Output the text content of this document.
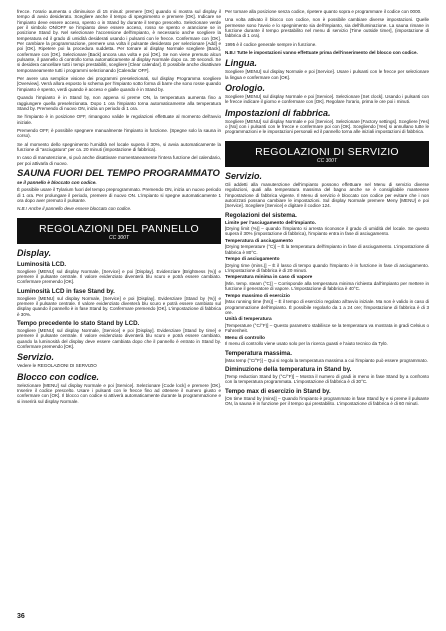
frecce. I'orario aumenta o diminuisce di 15 minuti: premere [OK] quando si mostra sul display il tempo di avvio desiderato. Scegliere anche il tempo di spegnimento e premere [OK]. Indicare se l'impianto deve essere acceso, spento o in Stand by durante il tempo prescelto. Selezionare verde per il simbolo ON/OFF se l'impianto deve essere acceso, rosso se spento e arancione se in posizione Stand by. Nel selezionare l'accensione dell'impianto, è necessario anche scegliere la temperatura ed il grado di umidità desiderati usando i pulsanti con le frecce. Confermare con [OK]. Per cambiare la programmazione, premere una volta il pulsante desiderato per selezionare [Add] e poi [OK]. Ripetere poi la procedura suddetta. Per tornare al display Normale scegliere [Back], confermare con [OK]. Selezionare [Back] ancora una volta e poi [OK]. Se non viene premuto alcun pulsante, il pannello di controllo torna automaticamente al display Normale dopo ca. 30 secondi. Se si desidera cancellare tutti i tempi prestabiliti, scegliere [Clear calendar]. È possibile anche disattivare temporaneamente tutti i programmi selezionando [Calendar OFF].

Per avere una semplice visione dei programmi preselezionati, sul display Programma scegliere [Overview]. Verrà allora esposto lo schema per l'impianto sotto forma di barre che sono rosse quando l'impianto è spento, verdi quando è acceso e gialle quando è in Stand by.

Quando l'impianto è in Stand by, non appena si preme ON, la temperatura aumenta fino a raggiungere quella preselezionata. Dopo 1 ora l'impianto torna automaticamente alla temperatura Stand by. Premendo di nuovo ON, inizia un periodo di 1 ora.

Se l'impianto è in posizione OFF, rimangono valide le regolazioni effettuate al momento dell'avvio iniziale.

Premendo OFF, è possibile spegnere manualmente l'impianto in funzione. (Spegne solo la sauna in corso).

Se al momento dello spegnimento l'umidità nel locale supera il 30%, si avvia automaticamente la funzione di "asciugatura" per ca. 20 minuti (impostazione di fabbrica).

In caso di manutenzione, si può anche disattivare momentaneamente l'intera funzione del calendario, per poi attivarla di nuovo.

SAUNA FUORI DEL TEMPO PROGRAMMATO
se il pannello è bloccato con codice.

È possibile usare il Tylarium fuori del tempo preprogrammato. Premendo ON, inizia un nuovo periodo di 1 ora. Per prolungare il periodo, premere di nuovo ON. L'impianto si spegne automaticamente 1 ora dopo aver premuto il pulsante.

N.B.! Anche il pannello deve essere bloccato con codice.

REGOLAZIONI DEL PANNELLO
CC 300T
Display.
Luminosità LCD.

Scegliere [MENU] sul display Normale, [Service] e poi [Display]. Evidenziare [Brightness (%)] e premere il pulsante centrale. Il valore evidenziato diventerà blu scuro e potrà essere cambiato. Confermare premendo [OK].

Luminosità LCD in fase Stand by.

Scegliere [MENU] sul display Normale, [Service] e poi [Display]. Evidenziare [Stand by (%)] e premere il pulsante centrale. Il valore evidenziato diventerà blu scuro e potrà essere cambiato sul display quando il pannello è in fase Stand by. Confermare premendo [OK]. L'impostazione di fabbrica è 30%.

Tempo precedente lo stato Stand by LCD.

Scegliere [MENU] sul display Normale, [Service] e poi [Display]. Evidenziare [Stand by time] e premere il pulsante centrale. Il valore evidenziato diventerà blu scuro e potrà essere cambiato, quando la luminosità del display deve essere cambiata dopo che il pannello è entrato in Stand by. Confermare premendo [OK].

Servizio.

Vedere le REGOLAZIONI DI SERVIZIO

Blocco con codice.

Selezionare [MENU] sul display Normale e poi [Service]. Selezionare [Code lock] e premere [OK]. Inserire il codice prescelto. Usare i pulsanti con le frecce fino ad ottenere il numero giusto e confermare con [OK]. Il blocco con codice si attiverà automaticamente durante la programmazione e si inserirà sul display Normale.

Per tornare alla posizione senza codice, ripetere quanto sopra e programmare il codice con 0000.

Una volta attivato il blocco con codice, non è possibile cambiare diverse impostazioni. Quelle permesse sono l'avvio e lo spegnimento sia dell'impianto, sia dell'illuminazione. La sauna rimane in funzione durante il tempo prestabilito nel menu di servizio [Time outside timer], (impostazione di fabbrica di 1 ora).

1995 è il codice generale sempre in funzione.

N.B.! Tutte le impostazioni vanno effettuate prima dell'inserimento del blocco con codice.

Lingua.

Scegliere [MENU] sul display Normale e poi [Service]. Usare i pulsanti con le frecce per selezionare la lingua e confermare con [OK].

Orologio.

Scegliere [MENU] sul display Normale e poi [Service]. Selezionare [Set clock]. Usando i pulsanti con le frecce indicare il giorno e confermare con [OK]. Regolare l'orario, prima le ore poi i minuti.

Impostazioni di fabbrica.

Scegliere [MENU] sul display Normale e poi [Service]. Selezionare [Factory settings]. Scegliere [Yes] o [No] con i pulsanti con le frecce e confermare poi con [OK]. Scegliendo [Yes] si annullano tutte le programmazioni e le impostazioni personali ed il pannello torna alle iniziali impostazioni di fabbrica.

REGOLAZIONI DI SERVIZIO
CC 300T
Servizio.

Gli addetti alla manutenzione dell'impianto possono effettuare nel Menu di servizio diverse regolazioni, quali alla temperatura massima del bagno anche se è consigliabile mantenere l'impostazione di fabbrica vigente. Il Menu di servizio è bloccato con codice per evitare che i non autorizzati possano cambiare le impostazioni. Sul display Normale premere Meny [MENU] e poi [Service]. Scegliere [Service] e digitare il codice 124.

Regolazioni del sistema.
Limite per l'asciugamento dell'impianto.

[Drying limit (%)] – quando l'impianto si arresta riconosce il grado di umidità del locale. Se questo supera il 30% (impostazione di fabbrica), l'impianto entra in fase di asciugamento.

Temperatura di asciugamento

[Drying temperature (°C)] – È la temperatura dell'impianto in fase di asciugamento. L'impostazione di fabbrica è 80°C.

Tempo di asciugamento

[Drying time (mins.)] – È il lasso di tempo quando l'impianto è in funzione in fase di asciugamento. L'impostazione di fabbrica è di 20 minuti.

Temperatura minima in caso di vapore

[Min. temp. steam (°C)] – Corrisponde alla temperatura minima richiesta dall'impianto per mettere in funzione il generatore di vapore. L'impostazione di fabbrica è 40°C.

Tempo massimo di esercizio

[Max running time (hrs)] – È il tempo di esercizio regolato all'avvio iniziale. Ma non è valido in caso di programmazione dell'impianto. È possibile regolarlo da 1 a 24 ore; l'impostazione di fabbrica è di 3 ore.

Unità di temperatura

[Temperature (°C/°F)] – Questo parametro stabilisce se la temperatura va mostrata in gradi Celsius o Fahrenheit.

Menu di controllo

Il menu di controllo viene usato solo per la ricerca guasti e l'aiuto tecnico da Tylö.

Temperatura massima.

[Max temp (°C/°F)] – Qui si regola la temperatura massima a cui l'impianto può essere programmato.

Diminuzione della temperatura in Stand by.

[Temp reduction Stand by (°C/°F)] – Mostra il numero di gradi in meno in fase Stand by a confronto con la temperatura programmata. L'impostazione di fabbrica è di 30°C.

Tempo max di esercizio in Stand by.

[On time Stand by (mins)] – Quando l'impianto è programmato in fase Stand by e si preme il pulsante ON, la sauna è in funzione per il tempo qui prestabilito. L'impostazione di fabbrica è di 60 minuti.

36
